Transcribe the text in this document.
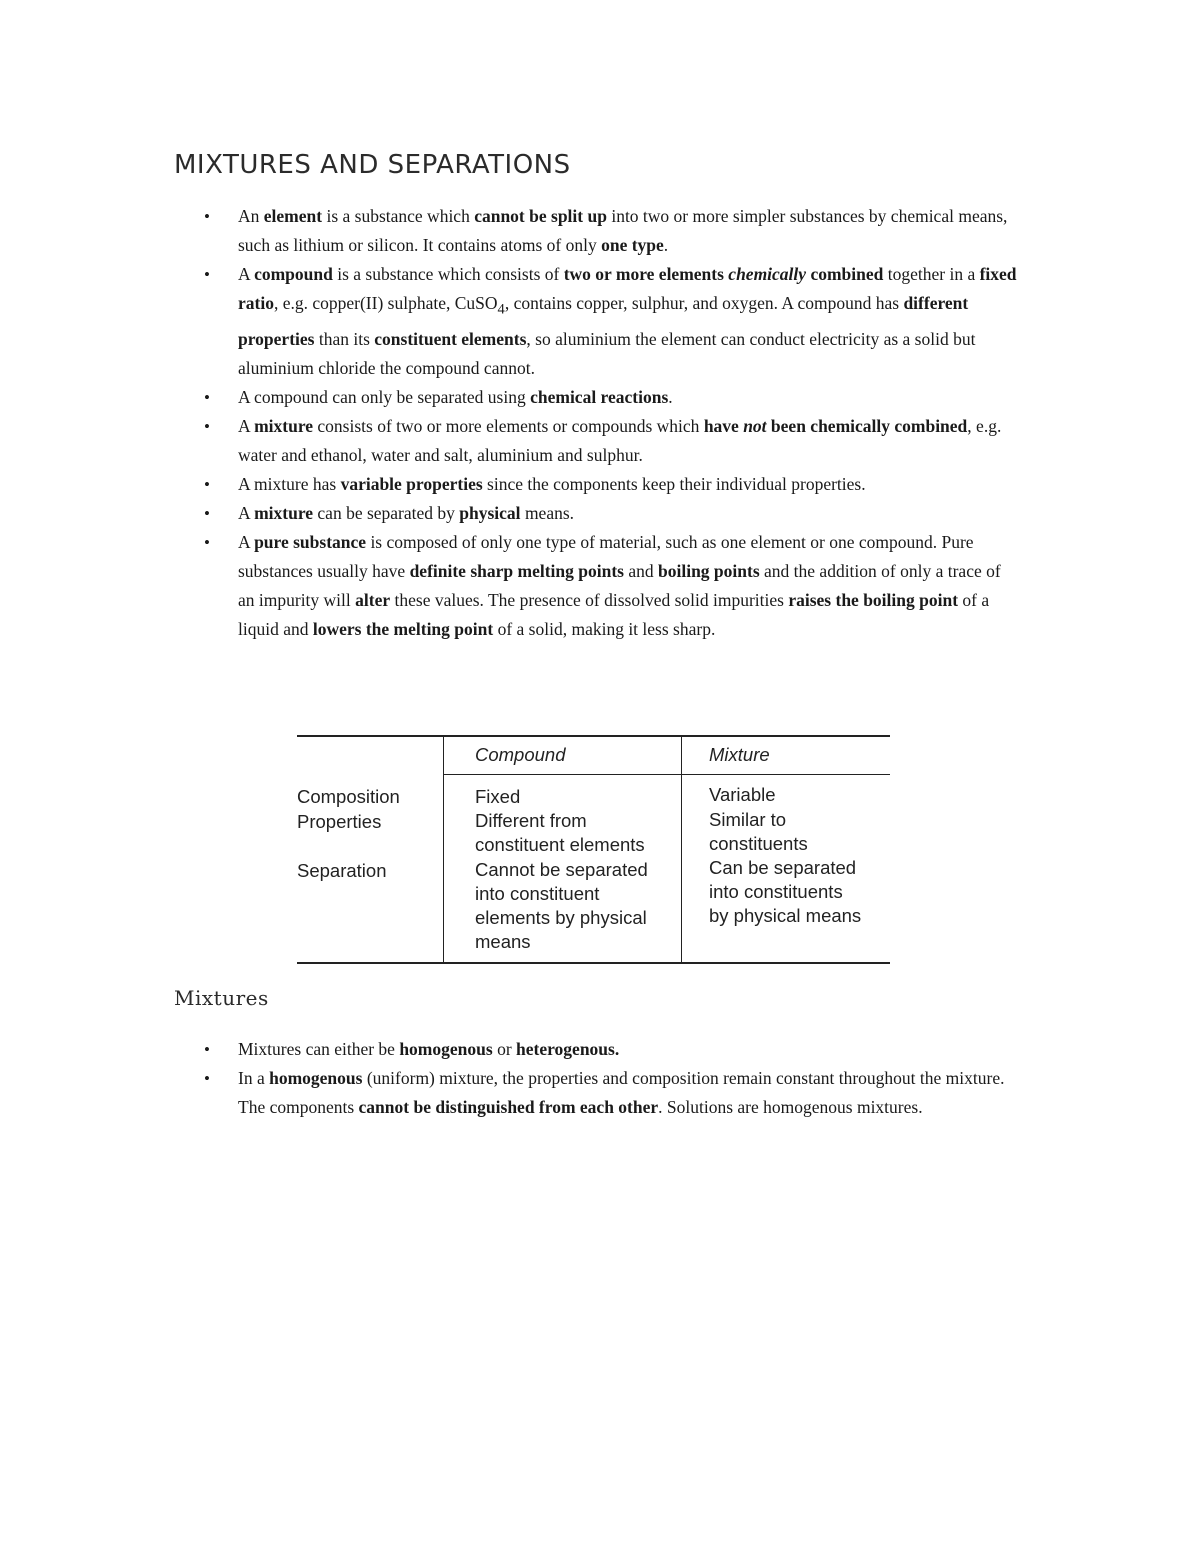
MIXTURES AND SEPARATIONS
• An element is a substance which cannot be split up into two or more simpler substances by chemical means, such as lithium or silicon. It contains atoms of only one type.
• A compound is a substance which consists of two or more elements chemically combined together in a fixed ratio, e.g. copper(II) sulphate, CuSO$_4$, contains copper, sulphur, and oxygen. A compound has different properties than its constituent elements, so aluminium the element can conduct electricity as a solid but aluminium chloride the compound cannot.
• A compound can only be separated using chemical reactions.
• A mixture consists of two or more elements or compounds which have not been chemically combined, e.g. water and ethanol, water and salt, aluminium and sulphur.
• A mixture has variable properties since the components keep their individual properties.
• A mixture can be separated by physical means.
• A pure substance is composed of only one type of material, such as one element or one compound. Pure substances usually have definite sharp melting points and boiling points and the addition of only a trace of an impurity will alter these values. The presence of dissolved solid impurities raises the boiling point of a liquid and lowers the melting point of a solid, making it less sharp.
Compound	Mixture
Composition
Properties
Separation
Fixed
Different from
constituent elements
Cannot be separated
into constituent
elements by physical
means
Variable
Similar to
constituents
Can be separated
into constituents
by physical means
Mixtures
• Mixtures can either be homogenous or heterogenous.
• In a homogenous (uniform) mixture, the properties and composition remain constant throughout the mixture. The components cannot be distinguished from each other. Solutions are homogenous mixtures.
